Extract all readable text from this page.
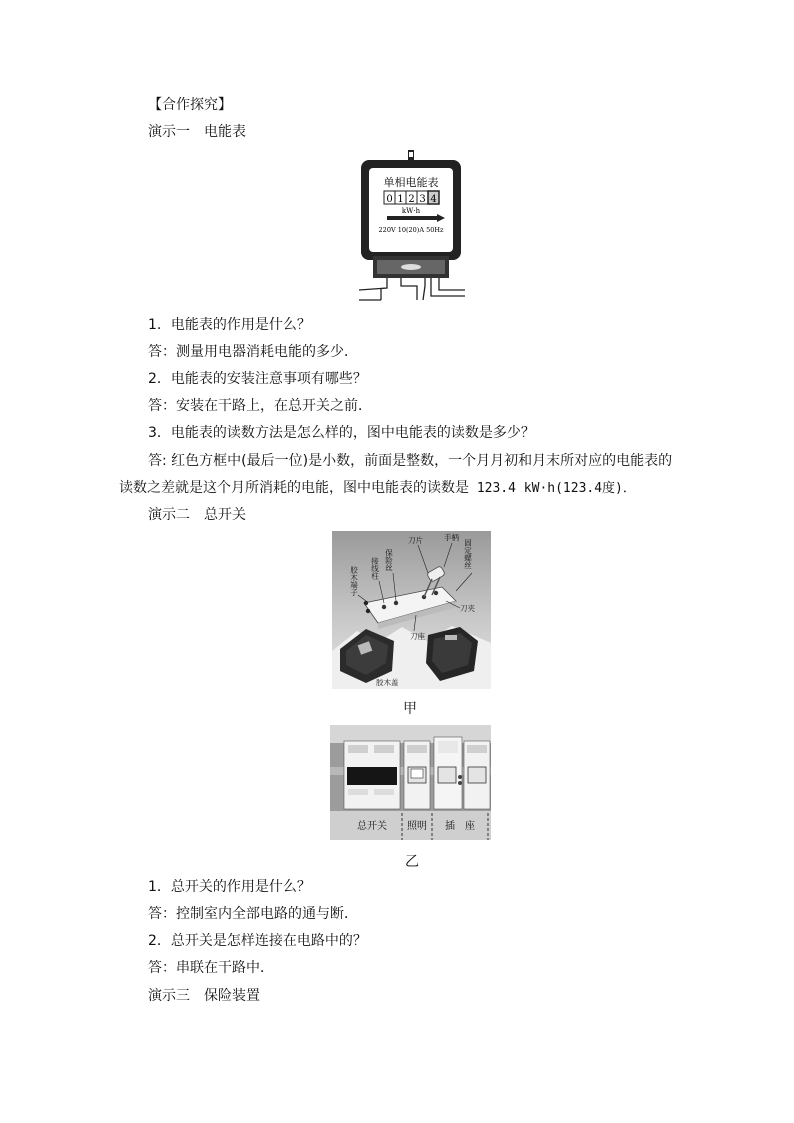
【合作探究】
演示一　电能表
0 1 2 3 4
单相电能表
kW·h
220V 10(20)A 50Hz
1．电能表的作用是什么？
答：测量用电器消耗电能的多少．
2．电能表的安装注意事项有哪些？
答：安装在干路上，在总开关之前．
3．电能表的读数方法是怎么样的，图中电能表的读数是多少？
答: 红色方框中(最后一位)是小数，前面是整数，一个月月初和月末所对应的电能表的
读数之差就是这个月所消耗的电能，图中电能表的读数是 123.4 kW·h(123.4度)．
演示二　总开关
胶木端子 接线柱 保险丝
刀片	手柄
固定螺丝
刀夹
刀座
胶木盖
甲
总开关 照明 插　座
乙
1．总开关的作用是什么？
答：控制室内全部电路的通与断．
2．总开关是怎样连接在电路中的？
答：串联在干路中．
演示三　保险装置
